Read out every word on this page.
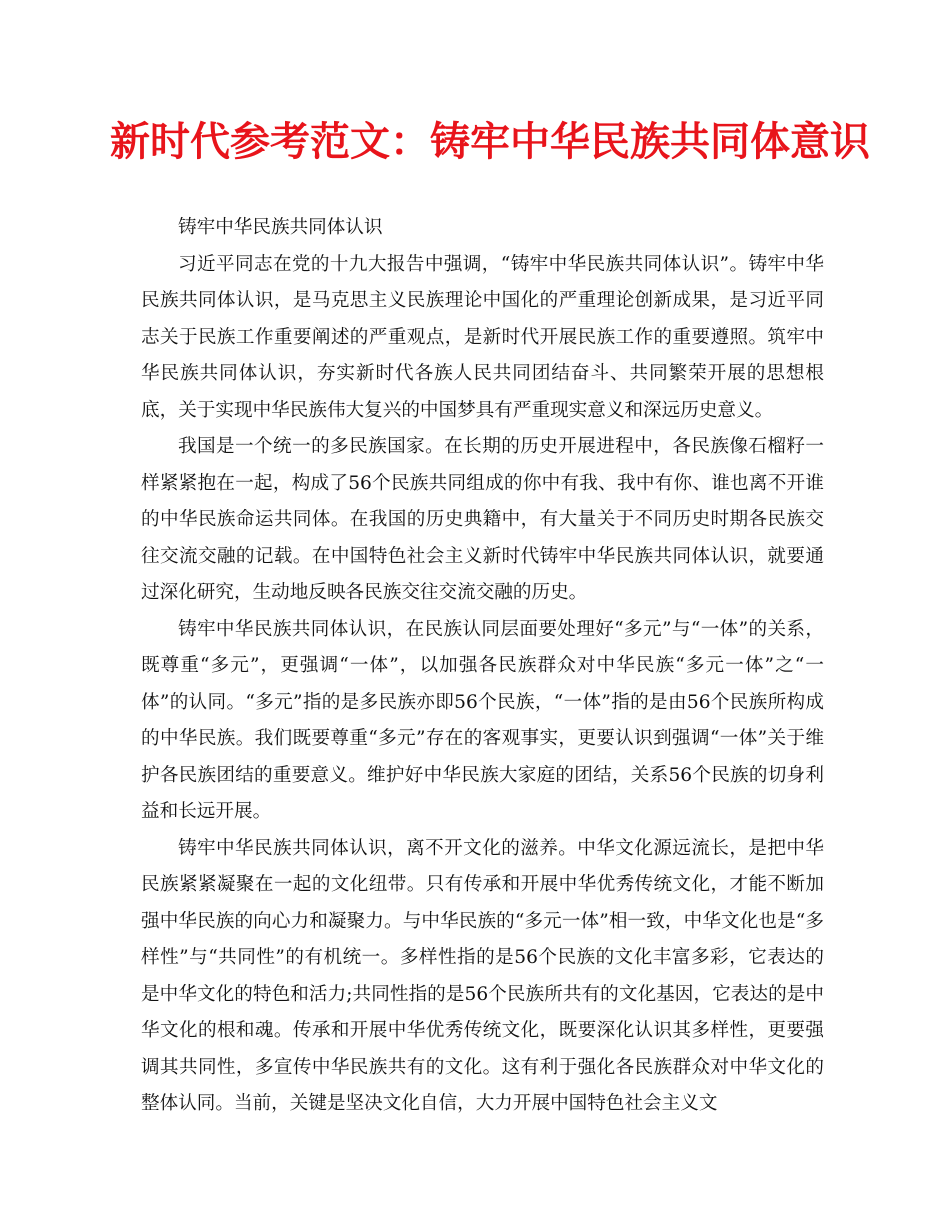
新时代参考范文：铸牢中华民族共同体意识

铸牢中华民族共同体认识

习近平同志在党的十九大报告中强调，“铸牢中华民族共同体认识”。铸牢中华民族共同体认识，是马克思主义民族理论中国化的严重理论创新成果，是习近平同志关于民族工作重要阐述的严重观点，是新时代开展民族工作的重要遵照。筑牢中华民族共同体认识，夯实新时代各族人民共同团结奋斗、共同繁荣开展的思想根底，关于实现中华民族伟大复兴的中国梦具有严重现实意义和深远历史意义。

我国是一个统一的多民族国家。在长期的历史开展进程中，各民族像石榴籽一样紧紧抱在一起，构成了56个民族共同组成的你中有我、我中有你、谁也离不开谁的中华民族命运共同体。在我国的历史典籍中，有大量关于不同历史时期各民族交往交流交融的记载。在中国特色社会主义新时代铸牢中华民族共同体认识，就要通过深化研究，生动地反映各民族交往交流交融的历史。

铸牢中华民族共同体认识，在民族认同层面要处理好“多元”与“一体”的关系，既尊重“多元”，更强调“一体”，以加强各民族群众对中华民族“多元一体”之“一体”的认同。“多元”指的是多民族亦即56个民族，“一体”指的是由56个民族所构成的中华民族。我们既要尊重“多元”存在的客观事实，更要认识到强调“一体”关于维护各民族团结的重要意义。维护好中华民族大家庭的团结，关系56个民族的切身利益和长远开展。

铸牢中华民族共同体认识，离不开文化的滋养。中华文化源远流长，是把中华民族紧紧凝聚在一起的文化纽带。只有传承和开展中华优秀传统文化，才能不断加强中华民族的向心力和凝聚力。与中华民族的“多元一体”相一致，中华文化也是“多样性”与“共同性”的有机统一。多样性指的是56个民族的文化丰富多彩，它表达的是中华文化的特色和活力;共同性指的是56个民族所共有的文化基因，它表达的是中华文化的根和魂。传承和开展中华优秀传统文化，既要深化认识其多样性，更要强调其共同性，多宣传中华民族共有的文化。这有利于强化各民族群众对中华文化的整体认同。当前，关键是坚决文化自信，大力开展中国特色社会主义文
